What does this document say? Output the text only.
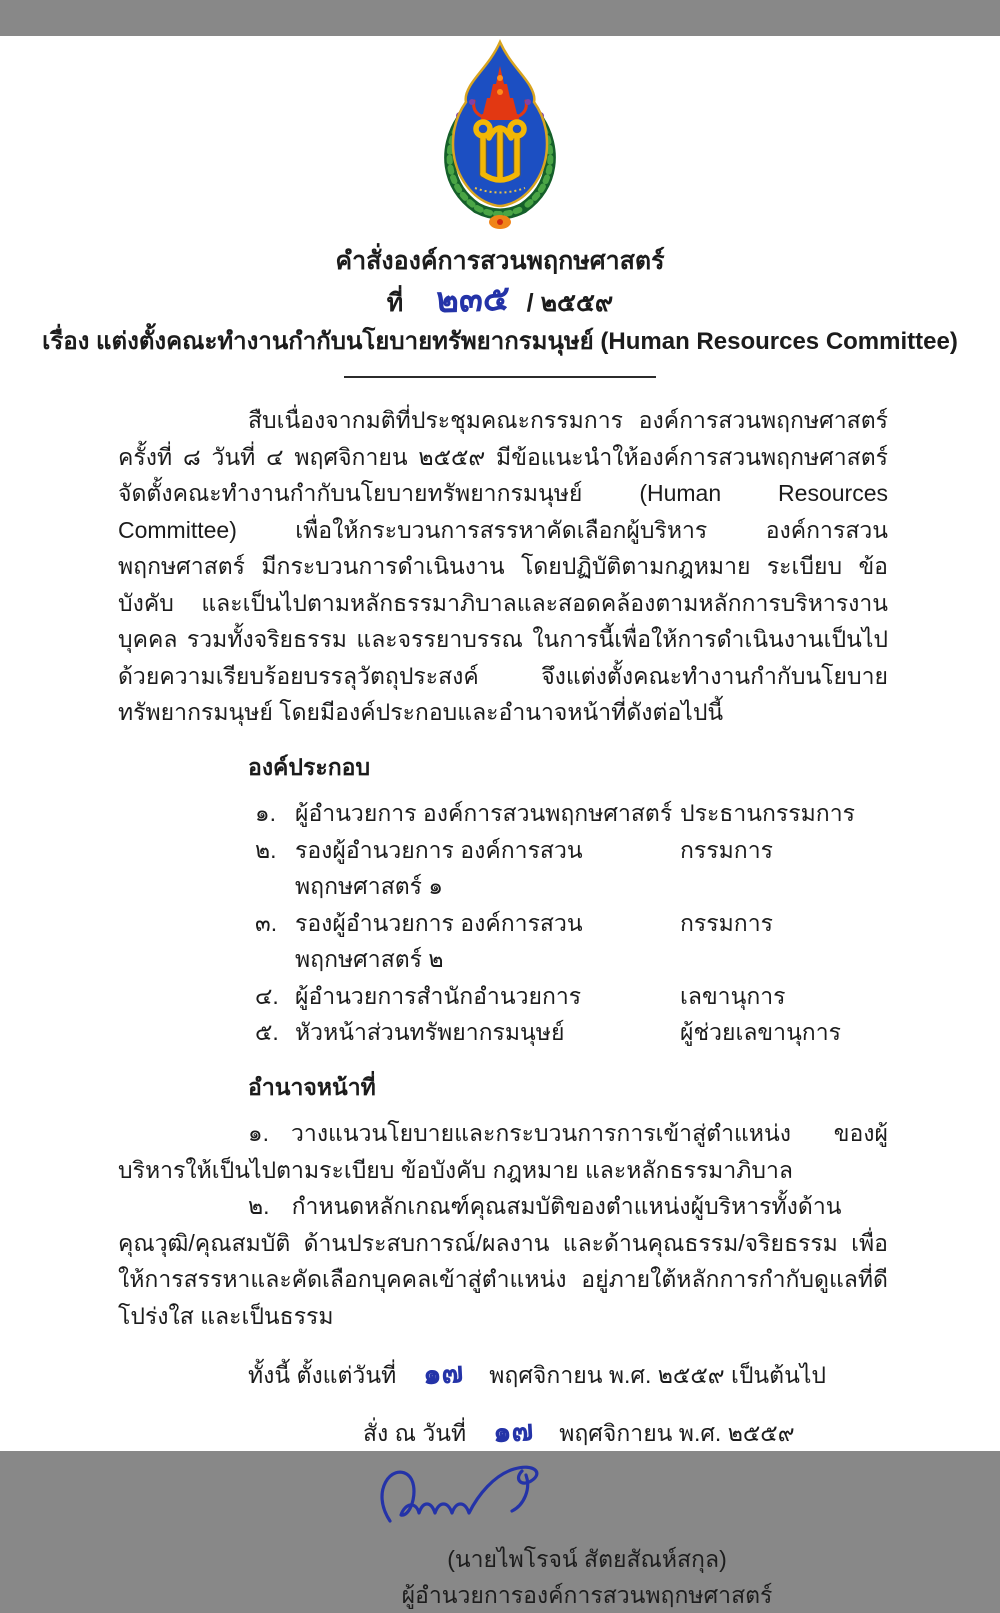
คำสั่งองค์การสวนพฤกษศาสตร์
ที่ ๒๓๕ / ๒๕๕๙
เรื่อง แต่งตั้งคณะทำงานกำกับนโยบายทรัพยากรมนุษย์ (Human Resources Committee)

สืบเนื่องจากมติที่ประชุมคณะกรรมการ องค์การสวนพฤกษศาสตร์ ครั้งที่ ๘ วันที่ ๔ พฤศจิกายน ๒๕๕๙ มีข้อแนะนำให้องค์การสวนพฤกษศาสตร์จัดตั้งคณะทำงานกำกับนโยบายทรัพยากรมนุษย์ (Human Resources Committee) เพื่อให้กระบวนการสรรหาคัดเลือกผู้บริหาร องค์การสวนพฤกษศาสตร์ มีกระบวนการดำเนินงาน โดยปฏิบัติตามกฎหมาย ระเบียบ ข้อบังคับ และเป็นไปตามหลักธรรมาภิบาลและสอดคล้องตามหลักการบริหารงานบุคคล รวมทั้งจริยธรรม และจรรยาบรรณ ในการนี้เพื่อให้การดำเนินงานเป็นไปด้วยความเรียบร้อยบรรลุวัตถุประสงค์ จึงแต่งตั้งคณะทำงานกำกับนโยบายทรัพยากรมนุษย์ โดยมีองค์ประกอบและอำนาจหน้าที่ดังต่อไปนี้

องค์ประกอบ
๑. ผู้อำนวยการ องค์การสวนพฤกษศาสตร์ ประธานกรรมการ
๒. รองผู้อำนวยการ องค์การสวนพฤกษศาสตร์ ๑
กรรมการ
๓. รองผู้อำนวยการ องค์การสวนพฤกษศาสตร์ ๒
กรรมการ
๔. ผู้อำนวยการสำนักอำนวยการ	เลขานุการ
๕. หัวหน้าส่วนทรัพยากรมนุษย์	ผู้ช่วยเลขานุการ
อำนาจหน้าที่

๑. วางแนวนโยบายและกระบวนการการเข้าสู่ตำแหน่ง ของผู้บริหารให้เป็นไปตามระเบียบ ข้อบังคับ กฎหมาย และหลักธรรมาภิบาล

๒. กำหนดหลักเกณฑ์คุณสมบัติของตำแหน่งผู้บริหารทั้งด้านคุณวุฒิ/คุณสมบัติ ด้านประสบการณ์/ผลงาน และด้านคุณธรรม/จริยธรรม เพื่อให้การสรรหาและคัดเลือกบุคคลเข้าสู่ตำแหน่ง อยู่ภายใต้หลักการกำกับดูแลที่ดี โปร่งใส และเป็นธรรม

ทั้งนี้ ตั้งแต่วันที่ ๑๗ พฤศจิกายน พ.ศ. ๒๕๕๙ เป็นต้นไป
สั่ง ณ วันที่ ๑๗ พฤศจิกายน พ.ศ. ๒๕๕๙
(นายไพโรจน์ สัตยสัณห์สกุล)
ผู้อำนวยการองค์การสวนพฤกษศาสตร์
